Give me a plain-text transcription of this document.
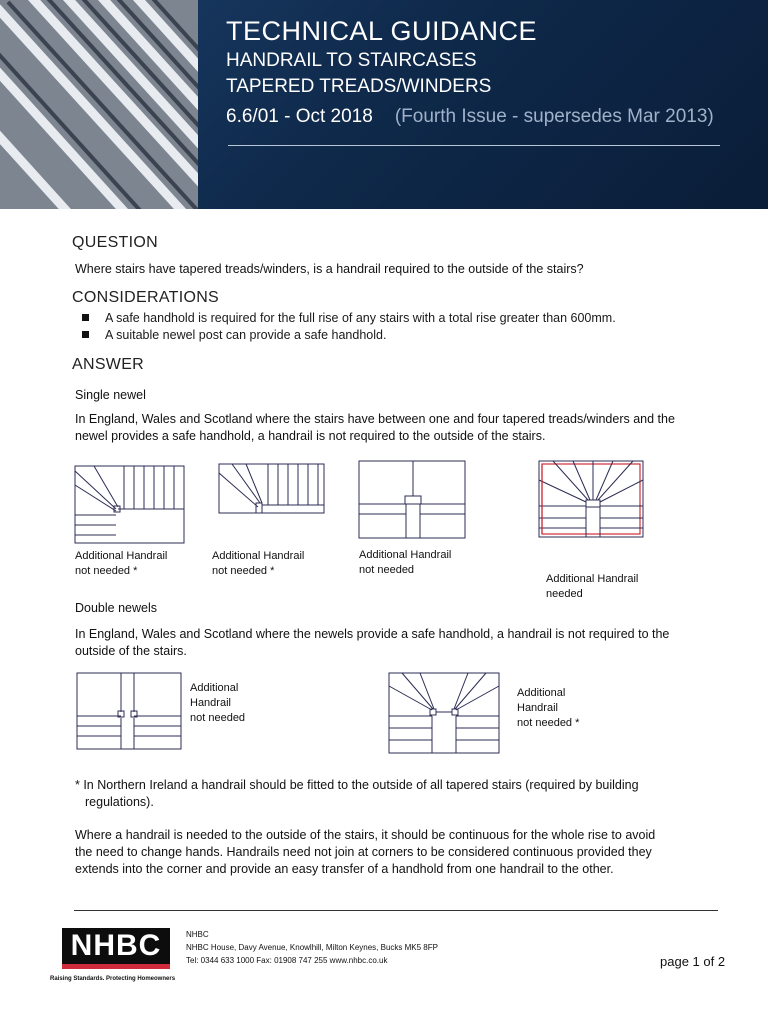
TECHNICAL GUIDANCE
HANDRAIL TO STAIRCASES
TAPERED TREADS/WINDERS
6.6/01 - Oct 2018 (Fourth Issue - supersedes Mar 2013)
QUESTION
Where stairs have tapered treads/winders, is a handrail required to the outside of the stairs?
CONSIDERATIONS
A safe handhold is required for the full rise of any stairs with a total rise greater than 600mm.
A suitable newel post can provide a safe handhold.
ANSWER
Single newel
In England, Wales and Scotland where the stairs have between one and four tapered treads/winders and the newel provides a safe handhold, a handrail is not required to the outside of the stairs.
Additional Handrail
not needed *
Additional Handrail
not needed *
Additional Handrail
not needed
Additional Handrail
needed
Double newels
In England, Wales and Scotland where the newels provide a safe handhold, a handrail is not required to the outside of the stairs.
Additional
Handrail
not needed
Additional
Handrail
not needed *
* In Northern Ireland a handrail should be fitted to the outside of all tapered stairs (required by building regulations).
Where a handrail is needed to the outside of the stairs, it should be continuous for the whole rise to avoid the need to change hands. Handrails need not join at corners to be considered continuous provided they extends into the corner and provide an easy transfer of a handhold from one handrail to the other.
NHBC
Raising Standards. Protecting Homeowners
NHBC
NHBC House, Davy Avenue, Knowlhill, Milton Keynes, Bucks MK5 8FP
Tel: 0344 633 1000 Fax: 01908 747 255 www.nhbc.co.uk	page 1 of 2
